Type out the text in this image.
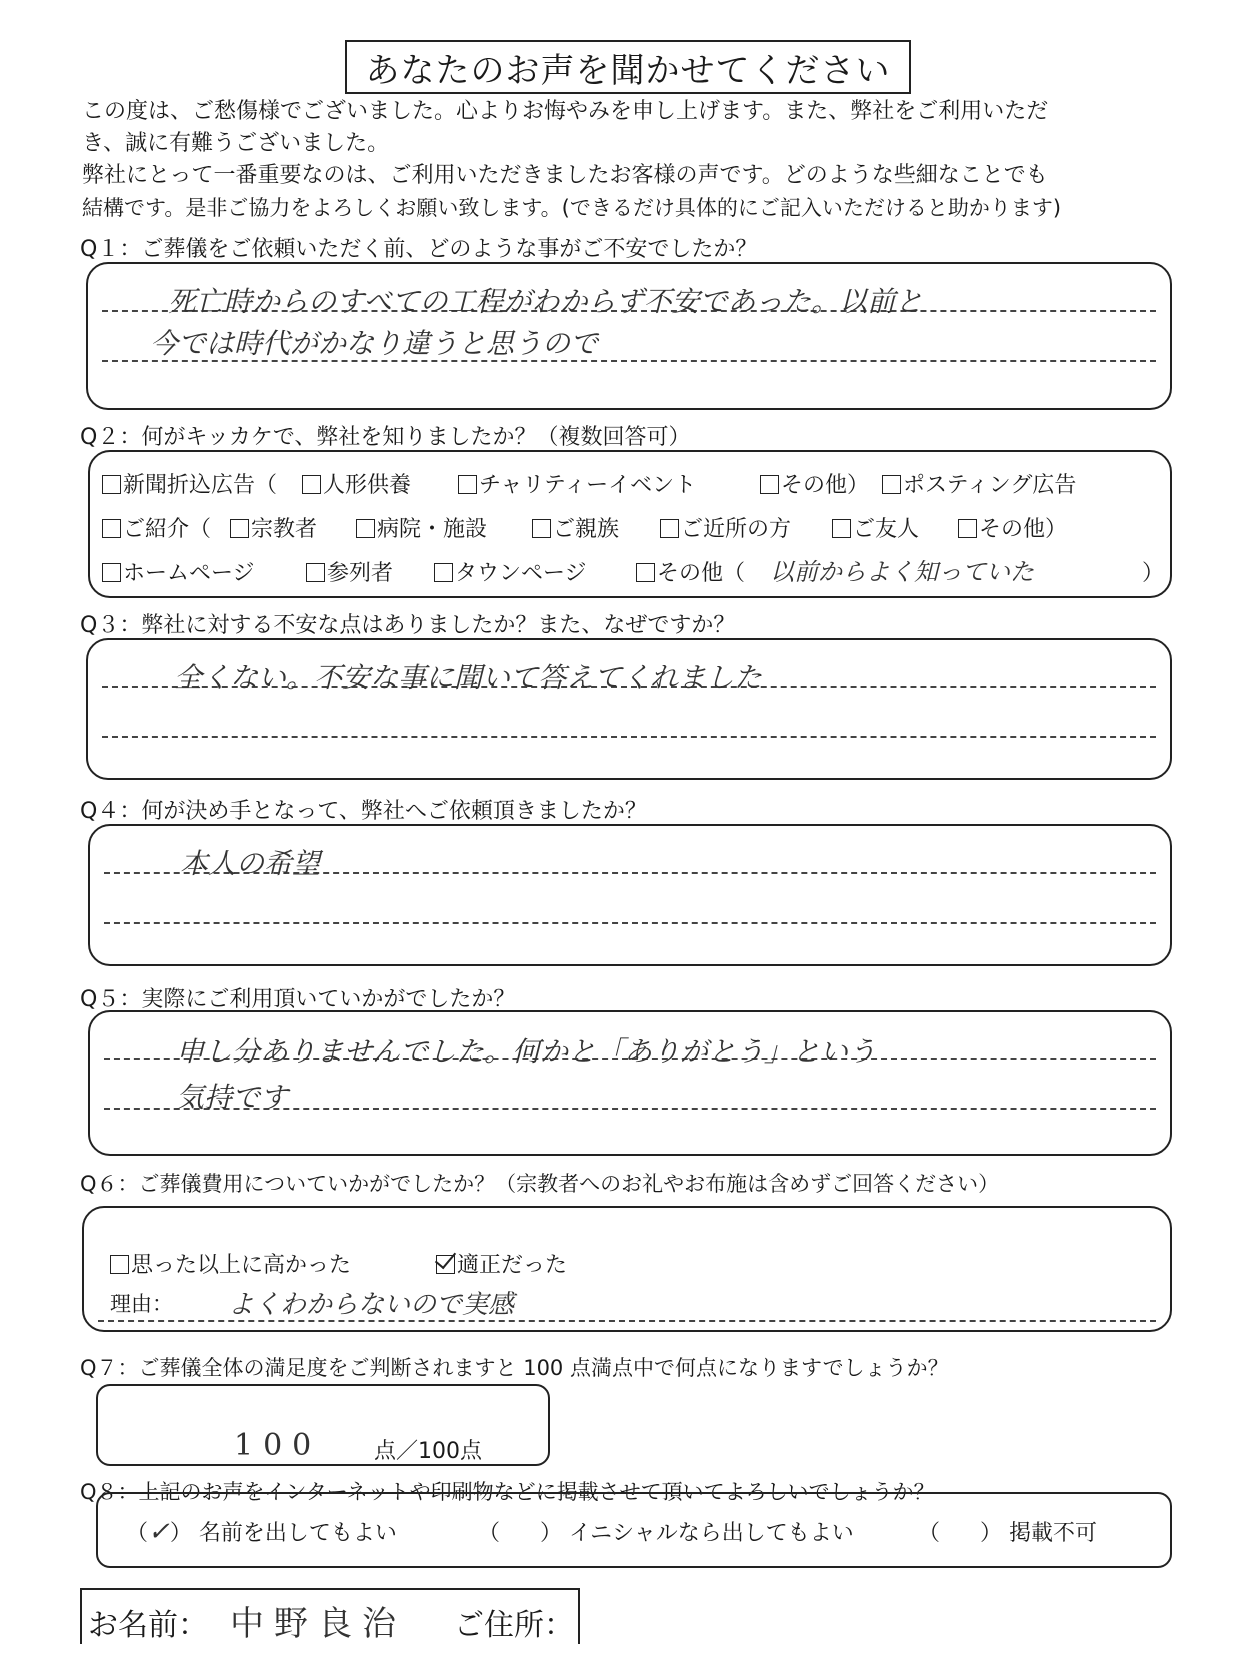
あなたのお声を聞かせてください
この度は、ご愁傷様でございました。心よりお悔やみを申し上げます。また、弊社をご利用いただ
き、誠に有難うございました。
弊社にとって一番重要なのは、ご利用いただきましたお客様の声です。どのような些細なことでも
結構です。是非ご協力をよろしくお願い致します。(できるだけ具体的にご記入いただけると助かります)
Q１：ご葬儀をご依頼いただく前、どのような事がご不安でしたか？
死亡時からのすべての工程がわからず不安であった。以前と
今では時代がかなり違うと思うので
Q２：何がキッカケで、弊社を知りましたか？（複数回答可）
新聞折込広告（	人形供養	チャリティーイベント	その他）	ポスティング広告
ご紹介（	宗教者	病院・施設	ご親族	ご近所の方	ご友人	その他）
ホームページ	参列者	タウンページ	その他（ 以前からよく知っていた	）
Q３：弊社に対する不安な点はありましたか？また、なぜですか？
全くない。不安な事に聞いて答えてくれました
Q４：何が決め手となって、弊社へご依頼頂きましたか？
本人の希望
Q５：実際にご利用頂いていかがでしたか？
申し分ありませんでした。何かと「ありがとう」という
気持です
Q６：ご葬儀費用についていかがでしたか？（宗教者へのお礼やお布施は含めずご回答ください）
思った以上に高かった	適正だった
理由： よくわからないので実感
Q７：ご葬儀全体の満足度をご判断されますと 100 点満点中で何点になりますでしょうか？
100 点／100点
Q８：上記のお声をインターネットや印刷物などに掲載させて頂いてよろしいでしょうか？
（✓） 名前を出してもよい	（ ） イニシャルなら出してもよい	（ ） 掲載不可
お名前： 中野良治 ご住所：
